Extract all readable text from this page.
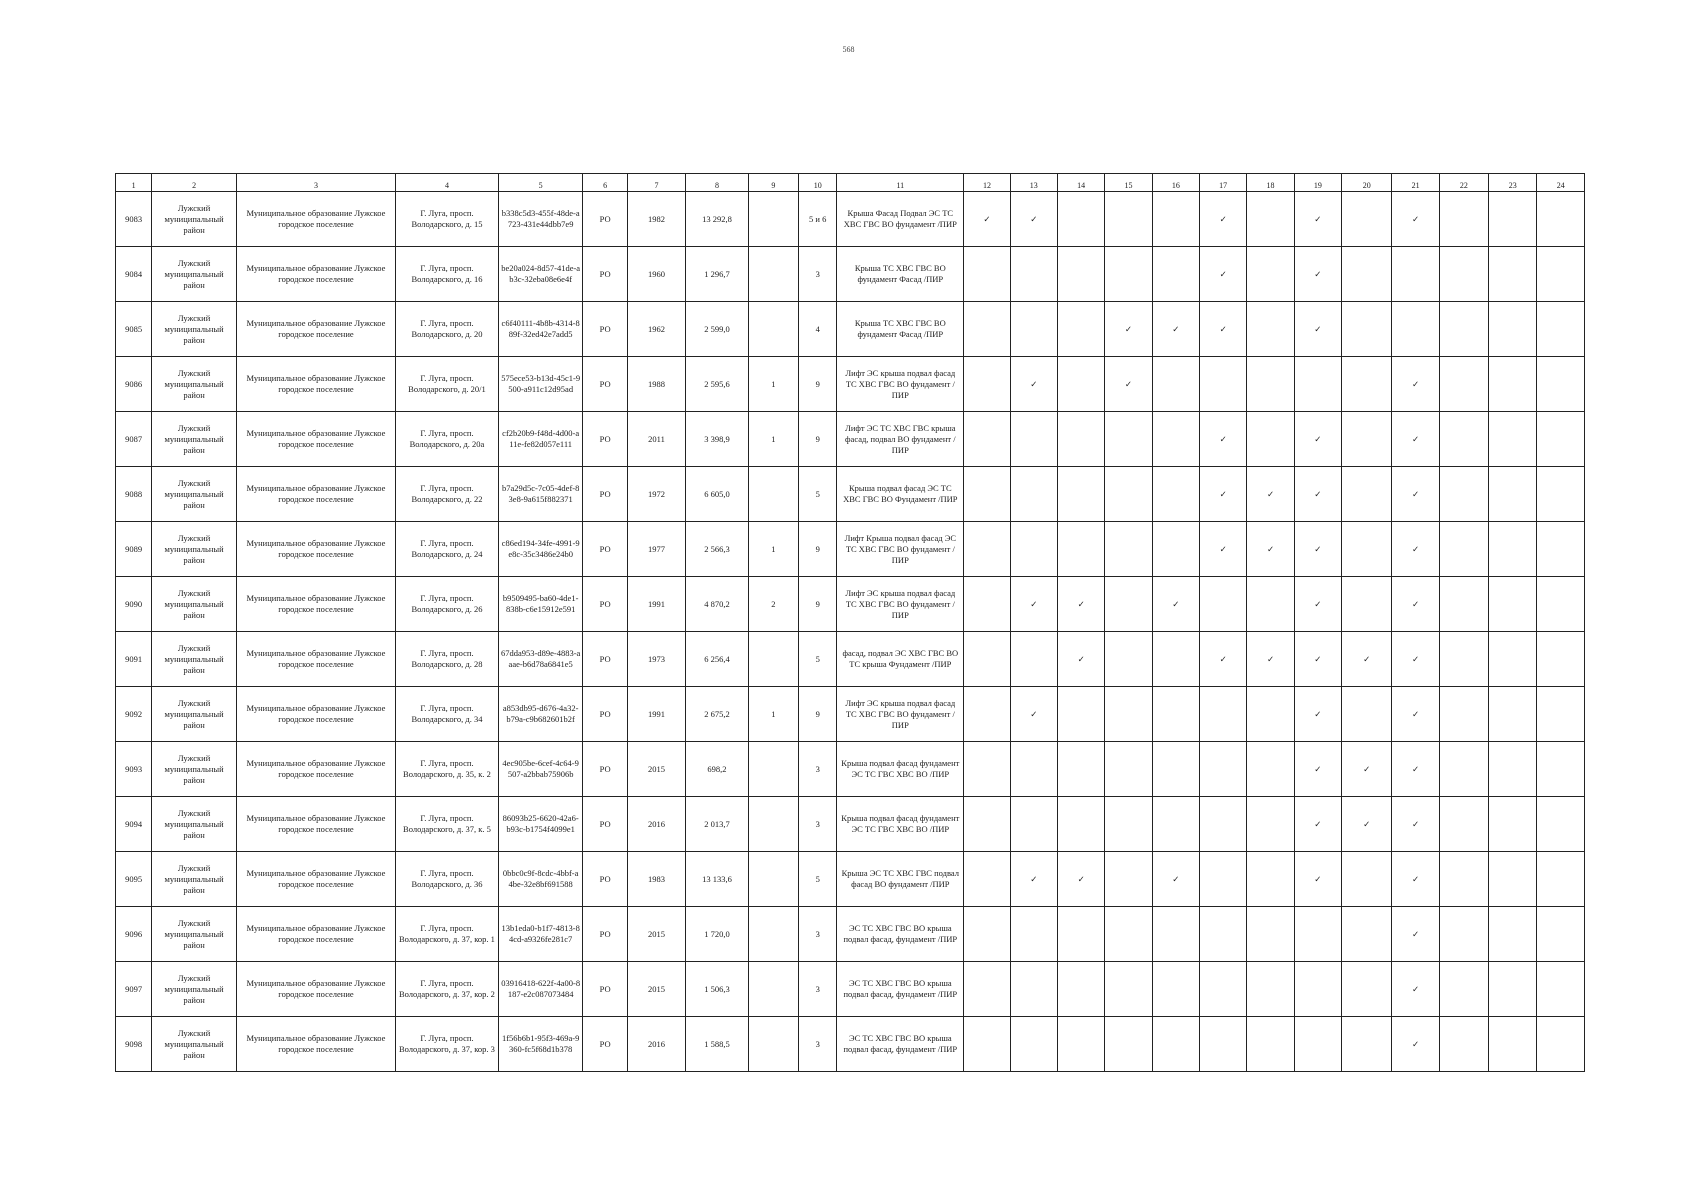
568
1	2	3	4	5	6	7	8	9	10	11	12	13	14	15	16	17	18	19	20	21	22	23	24
9083	Лужский муниципальный район	Муниципальное образование Лужское городское поселение	Г. Луга, просп. Володарского, д. 15	b338c5d3-455f-48de-a723-431e44dbb7e9	РО	1982	13 292,8		5 и 6	Крыша Фасад Подвал ЭС ТС ХВС ГВС ВО фундамент /ПИР	✓	✓				✓		✓		✓			
9084	Лужский муниципальный район	Муниципальное образование Лужское городское поселение	Г. Луга, просп. Володарского, д. 16	be20a024-8d57-41de-ab3c-32eba08e6e4f	РО	1960	1 296,7		3	Крыша ТС ХВС ГВС ВО фундамент Фасад /ПИР						✓		✓					
9085	Лужский муниципальный район	Муниципальное образование Лужское городское поселение	Г. Луга, просп. Володарского, д. 20	c6f40111-4b8b-4314-889f-32ed42e7add5	РО	1962	2 599,0		4	Крыша ТС ХВС ГВС ВО фундамент Фасад /ПИР				✓	✓	✓		✓					
9086	Лужский муниципальный район	Муниципальное образование Лужское городское поселение	Г. Луга, просп. Володарского, д. 20/1	575ece53-b13d-45c1-9500-a911c12d95ad	РО	1988	2 595,6	1	9	Лифт ЭС крыша подвал фасад ТС ХВС ГВС ВО фундамент /ПИР		✓		✓						✓			
9087	Лужский муниципальный район	Муниципальное образование Лужское городское поселение	Г. Луга, просп. Володарского, д. 20а	cf2b20b9-f48d-4d00-a11e-fe82d057e111	РО	2011	3 398,9	1	9	Лифт ЭС ТС ХВС ГВС крыша фасад, подвал ВО фундамент /ПИР						✓		✓		✓			
9088	Лужский муниципальный район	Муниципальное образование Лужское городское поселение	Г. Луга, просп. Володарского, д. 22	b7a29d5c-7c05-4def-83e8-9a615f882371	РО	1972	6 605,0		5	Крыша подвал фасад ЭС ТС ХВС ГВС ВО Фундамент /ПИР						✓	✓	✓		✓			
9089	Лужский муниципальный район	Муниципальное образование Лужское городское поселение	Г. Луга, просп. Володарского, д. 24	c86ed194-34fe-4991-9e8c-35c3486e24b0	РО	1977	2 566,3	1	9	Лифт Крыша подвал фасад ЭС ТС ХВС ГВС ВО фундамент /ПИР						✓	✓	✓		✓			
9090	Лужский муниципальный район	Муниципальное образование Лужское городское поселение	Г. Луга, просп. Володарского, д. 26	b9509495-ba60-4de1-838b-c6e15912e591	РО	1991	4 870,2	2	9	Лифт ЭС крыша подвал фасад ТС ХВС ГВС ВО фундамент /ПИР		✓	✓		✓			✓		✓			
9091	Лужский муниципальный район	Муниципальное образование Лужское городское поселение	Г. Луга, просп. Володарского, д. 28	67dda953-d89e-4883-aaae-b6d78a6841e5	РО	1973	6 256,4		5	фасад, подвал ЭС ХВС ГВС ВО ТС крыша Фундамент /ПИР			✓			✓	✓	✓	✓	✓			
9092	Лужский муниципальный район	Муниципальное образование Лужское городское поселение	Г. Луга, просп. Володарского, д. 34	a853db95-d676-4a32-b79a-c9b682601b2f	РО	1991	2 675,2	1	9	Лифт ЭС крыша подвал фасад ТС ХВС ГВС ВО фундамент /ПИР		✓						✓		✓			
9093	Лужский муниципальный район	Муниципальное образование Лужское городское поселение	Г. Луга, просп. Володарского, д. 35, к. 2	4ec905be-6cef-4c64-9507-a2bbab75906b	РО	2015	698,2		3	Крыша подвал фасад фундамент ЭС ТС ГВС ХВС ВО /ПИР								✓	✓	✓			
9094	Лужский муниципальный район	Муниципальное образование Лужское городское поселение	Г. Луга, просп. Володарского, д. 37, к. 5	86093b25-6620-42a6-b93c-b1754f4099e1	РО	2016	2 013,7		3	Крыша подвал фасад фундамент ЭС ТС ГВС ХВС ВО /ПИР								✓	✓	✓			
9095	Лужский муниципальный район	Муниципальное образование Лужское городское поселение	Г. Луга, просп. Володарского, д. 36	0bbc0c9f-8cdc-4bbf-a4be-32e8bf691588	РО	1983	13 133,6		5	Крыша ЭС ТС ХВС ГВС подвал фасад ВО фундамент /ПИР		✓	✓		✓			✓		✓			
9096	Лужский муниципальный район	Муниципальное образование Лужское городское поселение	Г. Луга, просп. Володарского, д. 37, кор. 1	13b1eda0-b1f7-4813-84cd-a9326fe281c7	РО	2015	1 720,0		3	ЭС ТС ХВС ГВС ВО крыша подвал фасад, фундамент /ПИР										✓			
9097	Лужский муниципальный район	Муниципальное образование Лужское городское поселение	Г. Луга, просп. Володарского, д. 37, кор. 2	03916418-622f-4a00-8187-e2c087073484	РО	2015	1 506,3		3	ЭС ТС ХВС ГВС ВО крыша подвал фасад, фундамент /ПИР										✓			
9098	Лужский муниципальный район	Муниципальное образование Лужское городское поселение	Г. Луга, просп. Володарского, д. 37, кор. 3	1f56b6b1-95f3-469a-9360-fc5f68d1b378	РО	2016	1 588,5		3	ЭС ТС ХВС ГВС ВО крыша подвал фасад, фундамент /ПИР										✓			
